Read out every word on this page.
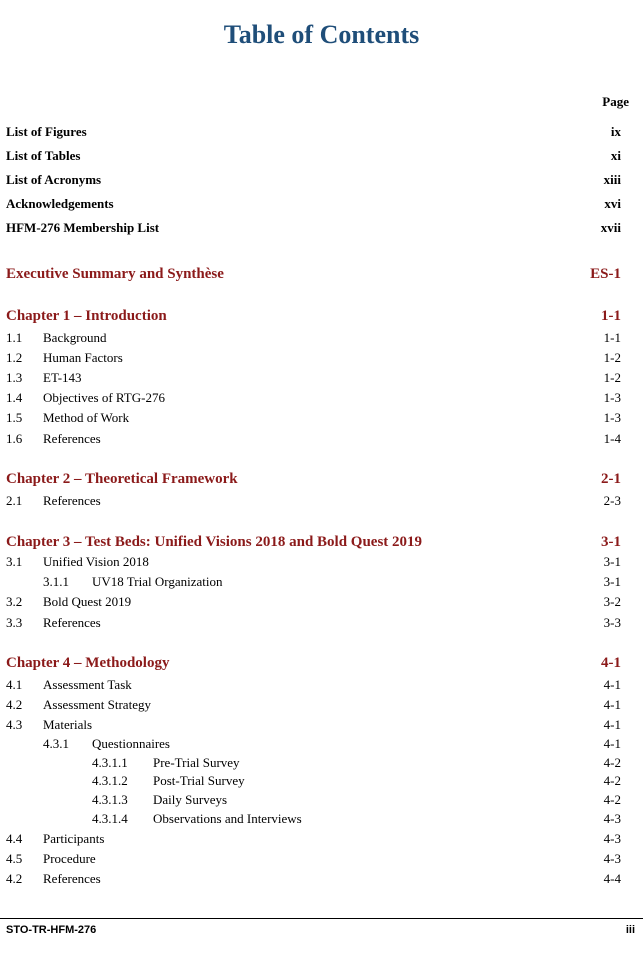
Table of Contents
Page
List of Figures	ix
List of Tables	xi
List of Acronyms	xiii
Acknowledgements	xvi
HFM-276 Membership List	xvii
Executive Summary and Synthèse	ES-1
Chapter 1 – Introduction	1-1
1.1 Background	1-1
1.2 Human Factors	1-2
1.3 ET-143	1-2
1.4 Objectives of RTG-276	1-3
1.5 Method of Work	1-3
1.6 References	1-4
Chapter 2 – Theoretical Framework	2-1
2.1 References	2-3
Chapter 3 – Test Beds: Unified Visions 2018 and Bold Quest 2019	3-1
3.1 Unified Vision 2018	3-1
3.1.1 UV18 Trial Organization	3-1
3.2 Bold Quest 2019	3-2
3.3 References	3-3
Chapter 4 – Methodology	4-1
4.1 Assessment Task	4-1
4.2 Assessment Strategy	4-1
4.3 Materials	4-1
4.3.1 Questionnaires	4-1
4.3.1.1 Pre-Trial Survey	4-2
4.3.1.2 Post-Trial Survey	4-2
4.3.1.3 Daily Surveys	4-2
4.3.1.4 Observations and Interviews	4-3
4.4 Participants	4-3
4.5 Procedure	4-3
4.2 References	4-4
STO-TR-HFM-276	iii
